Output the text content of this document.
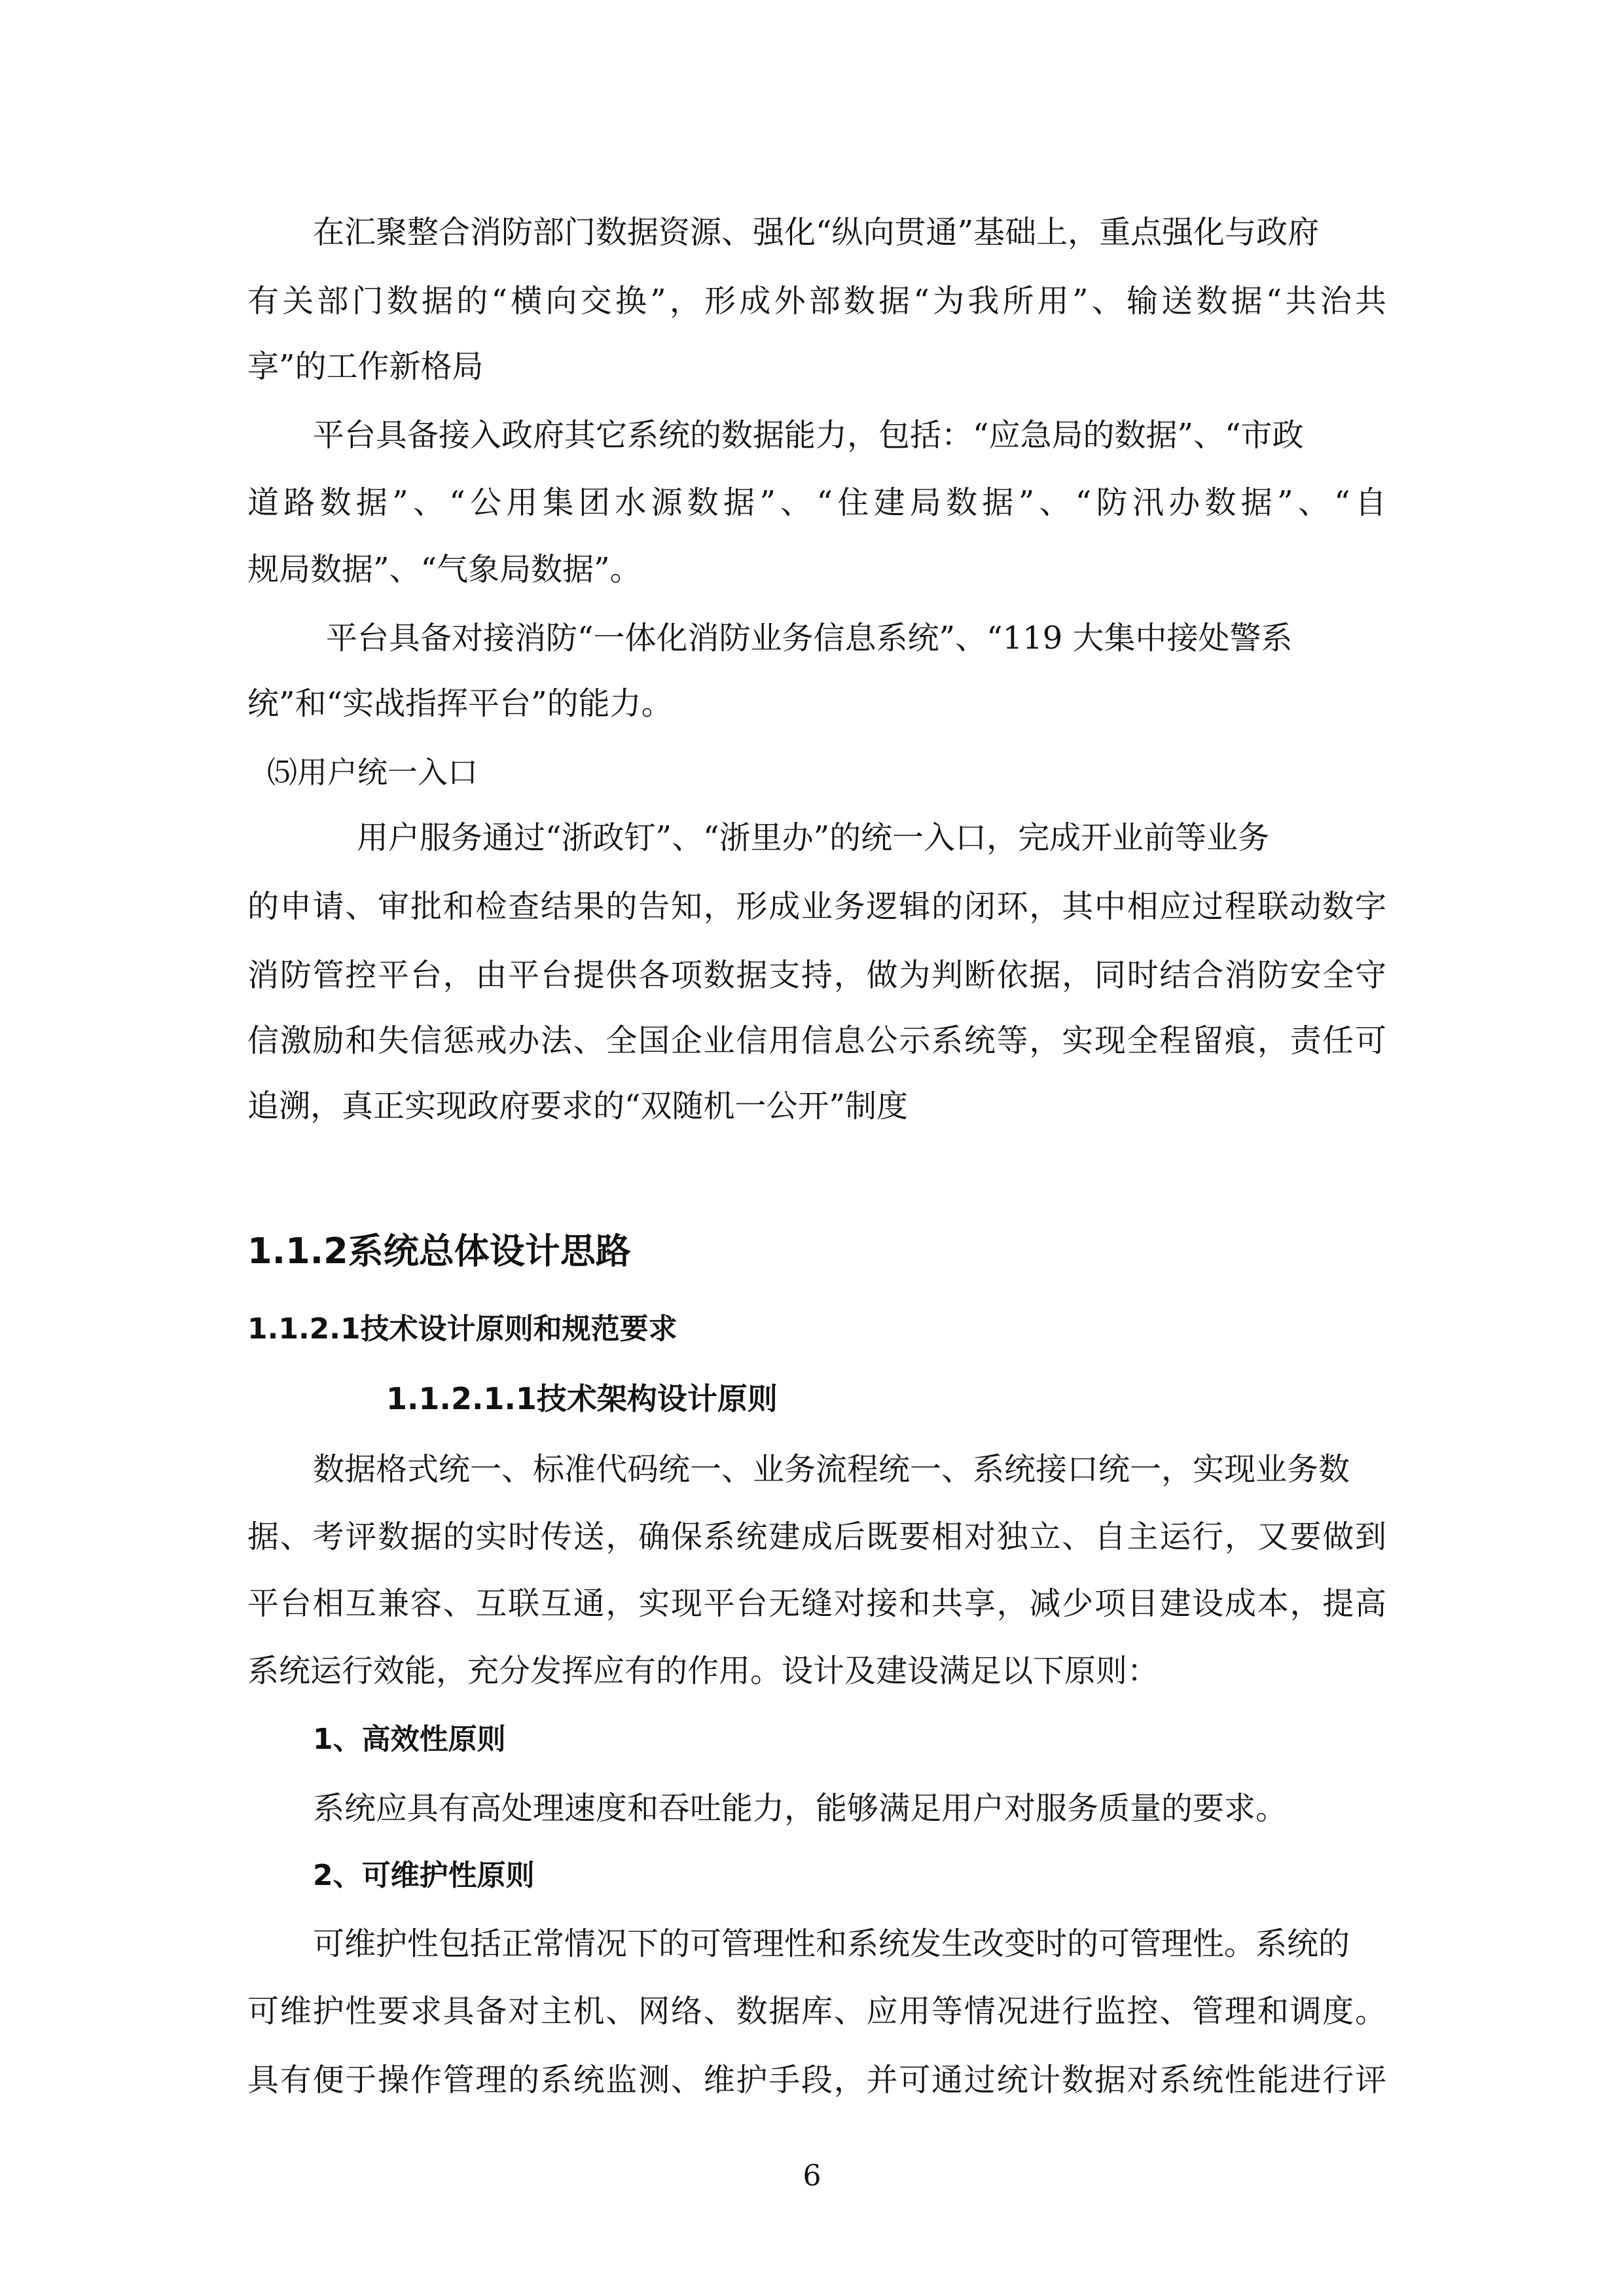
在汇聚整合消防部门数据资源、强化“纵向贯通”基础上，重点强化与政府
有关部门数据的“横向交换”，形成外部数据“为我所用”、输送数据“共治共
享”的工作新格局
平台具备接入政府其它系统的数据能力，包括：“应急局的数据”、“市政
道路数据”、“公用集团水源数据”、“住建局数据”、“防汛办数据”、“自
规局数据”、“气象局数据”。
平台具备对接消防“一体化消防业务信息系统”、“119 大集中接处警系
统”和“实战指挥平台”的能力。
⑸用户统一入口
用户服务通过“浙政钉”、“浙里办”的统一入口，完成开业前等业务
的申请、审批和检查结果的告知，形成业务逻辑的闭环，其中相应过程联动数字
消防管控平台，由平台提供各项数据支持，做为判断依据，同时结合消防安全守
信激励和失信惩戒办法、全国企业信用信息公示系统等，实现全程留痕，责任可
追溯，真正实现政府要求的“双随机一公开”制度
1.1.2系统总体设计思路
1.1.2.1技术设计原则和规范要求
1.1.2.1.1技术架构设计原则
数据格式统一、标准代码统一、业务流程统一、系统接口统一，实现业务数
据、考评数据的实时传送，确保系统建成后既要相对独立、自主运行，又要做到
平台相互兼容、互联互通，实现平台无缝对接和共享，减少项目建设成本，提高
系统运行效能，充分发挥应有的作用。设计及建设满足以下原则：
1、高效性原则
系统应具有高处理速度和吞吐能力，能够满足用户对服务质量的要求。
2、可维护性原则
可维护性包括正常情况下的可管理性和系统发生改变时的可管理性。系统的
可维护性要求具备对主机、网络、数据库、应用等情况进行监控、管理和调度。
具有便于操作管理的系统监测、维护手段，并可通过统计数据对系统性能进行评
6
